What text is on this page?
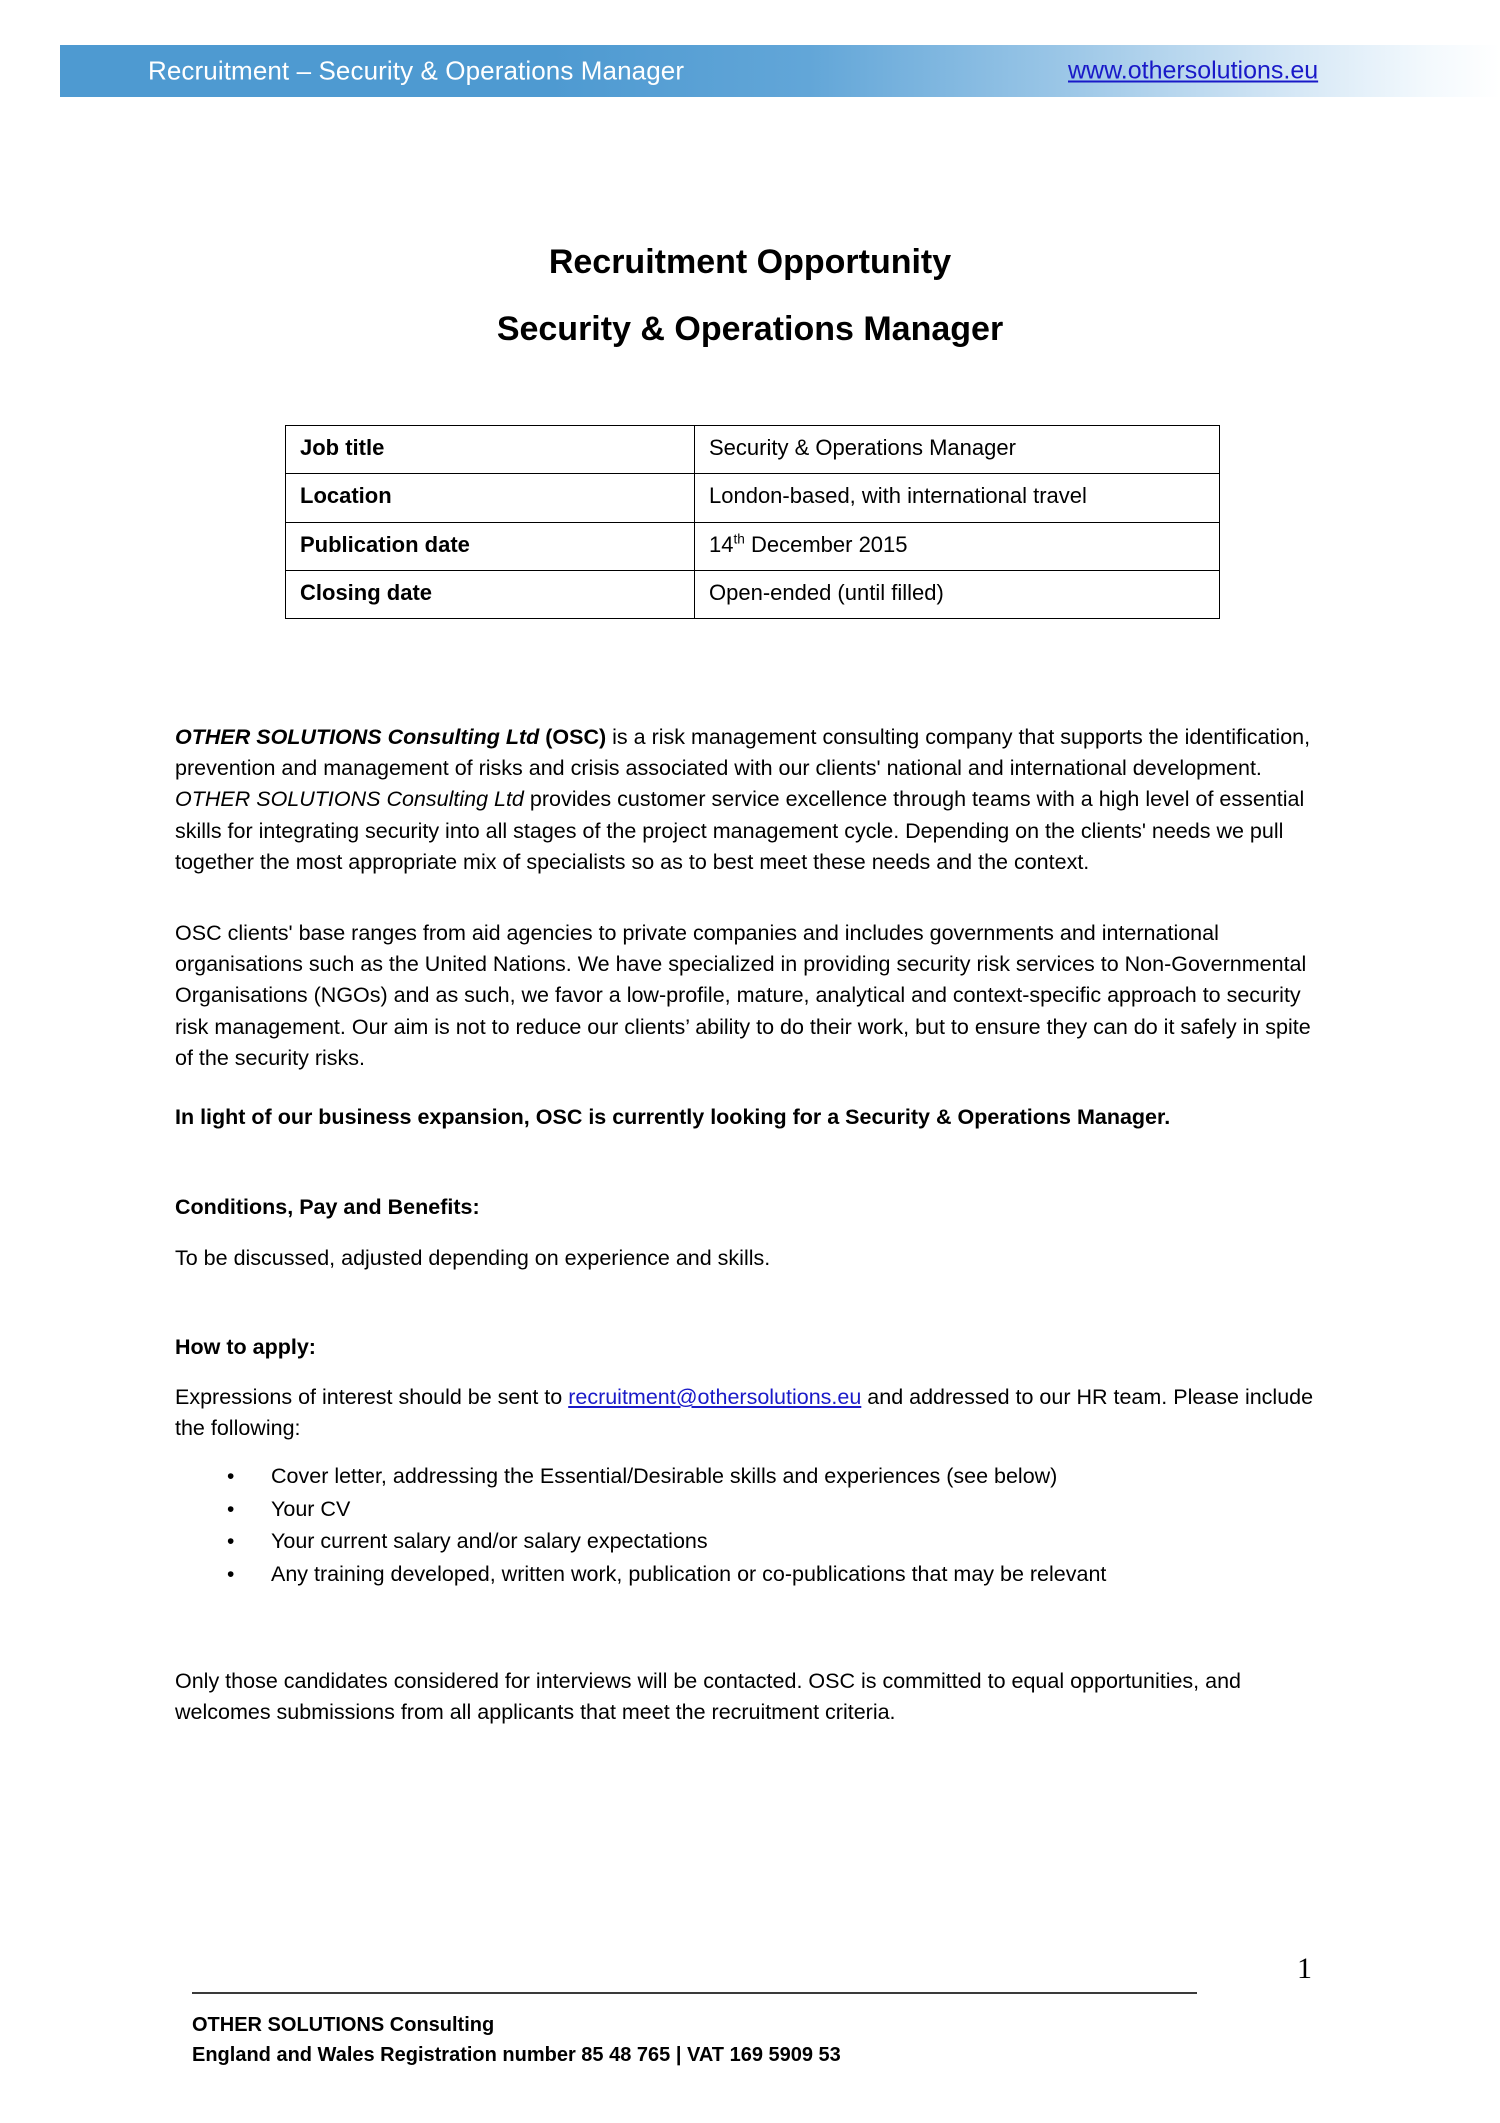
Recruitment – Security & Operations Manager	www.othersolutions.eu
Recruitment Opportunity
Security & Operations Manager
Job title	Security & Operations Manager
Location	London-based, with international travel
Publication date	14th December 2015
Closing date	Open-ended (until filled)

OTHER SOLUTIONS Consulting Ltd (OSC) is a risk management consulting company that supports the identification, prevention and management of risks and crisis associated with our clients' national and international development. OTHER SOLUTIONS Consulting Ltd provides customer service excellence through teams with a high level of essential skills for integrating security into all stages of the project management cycle. Depending on the clients' needs we pull together the most appropriate mix of specialists so as to best meet these needs and the context.

OSC clients' base ranges from aid agencies to private companies and includes governments and international organisations such as the United Nations. We have specialized in providing security risk services to Non-Governmental Organisations (NGOs) and as such, we favor a low-profile, mature, analytical and context-specific approach to security risk management. Our aim is not to reduce our clients’ ability to do their work, but to ensure they can do it safely in spite of the security risks.

In light of our business expansion, OSC is currently looking for a Security & Operations Manager.

Conditions, Pay and Benefits:

To be discussed, adjusted depending on experience and skills.

How to apply:

Expressions of interest should be sent to recruitment@othersolutions.eu and addressed to our HR team. Please include the following:

• Cover letter, addressing the Essential/Desirable skills and experiences (see below)
• Your CV
• Your current salary and/or salary expectations
• Any training developed, written work, publication or co-publications that may be relevant

Only those candidates considered for interviews will be contacted. OSC is committed to equal opportunities, and welcomes submissions from all applicants that meet the recruitment criteria.

OTHER SOLUTIONS Consulting
England and Wales Registration number 85 48 765 | VAT 169 5909 53
1
